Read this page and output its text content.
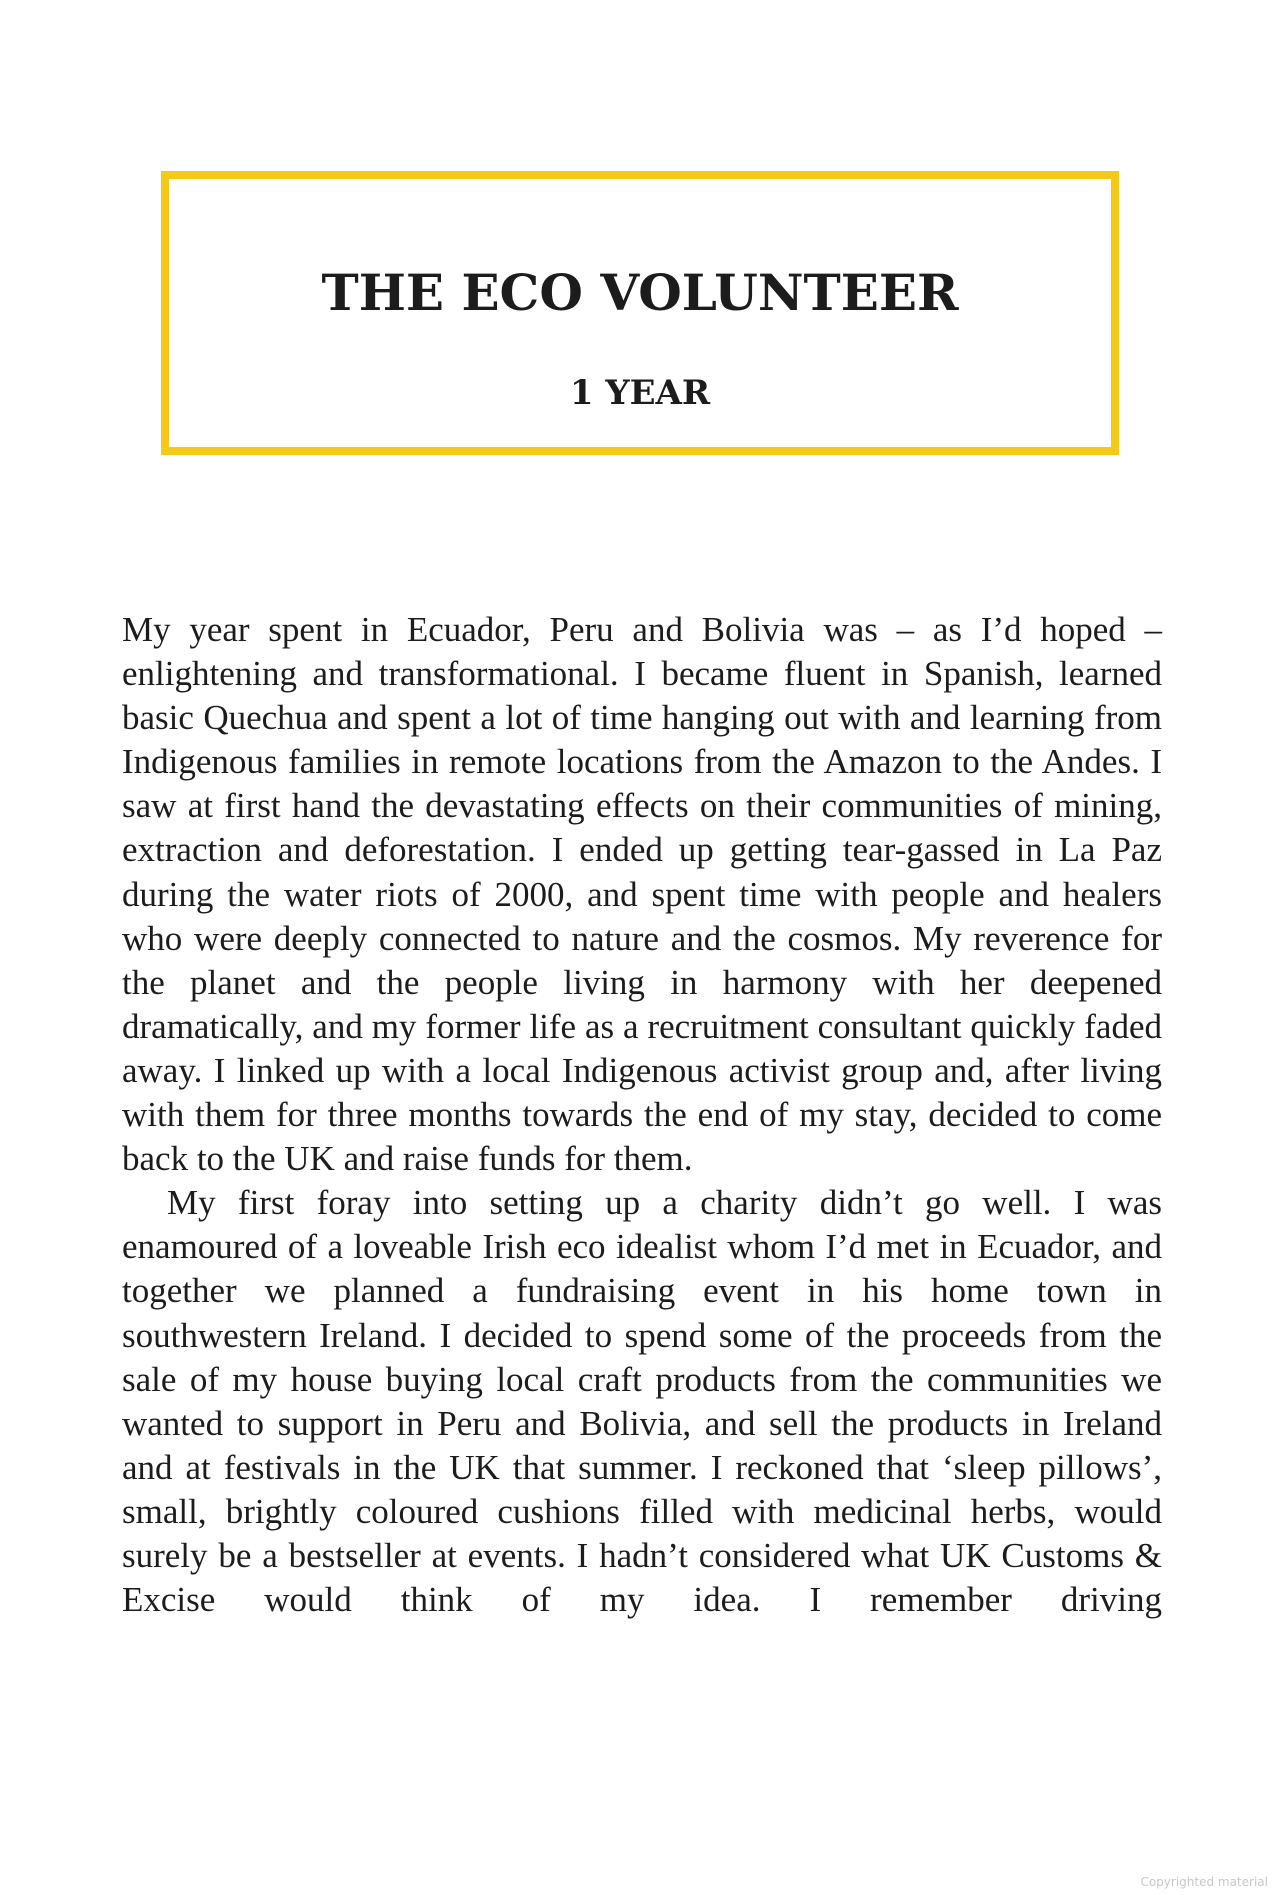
THE ECO VOLUNTEER
1 YEAR

My year spent in Ecuador, Peru and Bolivia was – as I’d hoped – enlightening and transformational. I became fluent in Spanish, learned basic Quechua and spent a lot of time hanging out with and learning from Indigenous families in remote locations from the Amazon to the Andes. I saw at first hand the devastating effects on their communities of mining, extraction and deforestation. I ended up getting tear-gassed in La Paz during the water riots of 2000, and spent time with people and healers who were deeply connected to nature and the cosmos. My reverence for the planet and the people living in harmony with her deepened dramatically, and my former life as a recruitment consultant quickly faded away. I linked up with a local Indigenous activist group and, after living with them for three months towards the end of my stay, decided to come back to the UK and raise funds for them.

My first foray into setting up a charity didn’t go well. I was enamoured of a loveable Irish eco idealist whom I’d met in Ecuador, and together we planned a fundraising event in his home town in southwestern Ireland. I decided to spend some of the proceeds from the sale of my house buying local craft products from the communities we wanted to support in Peru and Bolivia, and sell the products in Ireland and at festivals in the UK that summer. I reckoned that ‘sleep pillows’, small, brightly coloured cushions filled with medicinal herbs, would surely be a bestseller at events. I hadn’t considered what UK Customs & Excise would think of my idea. I remember driving

Copyrighted material
